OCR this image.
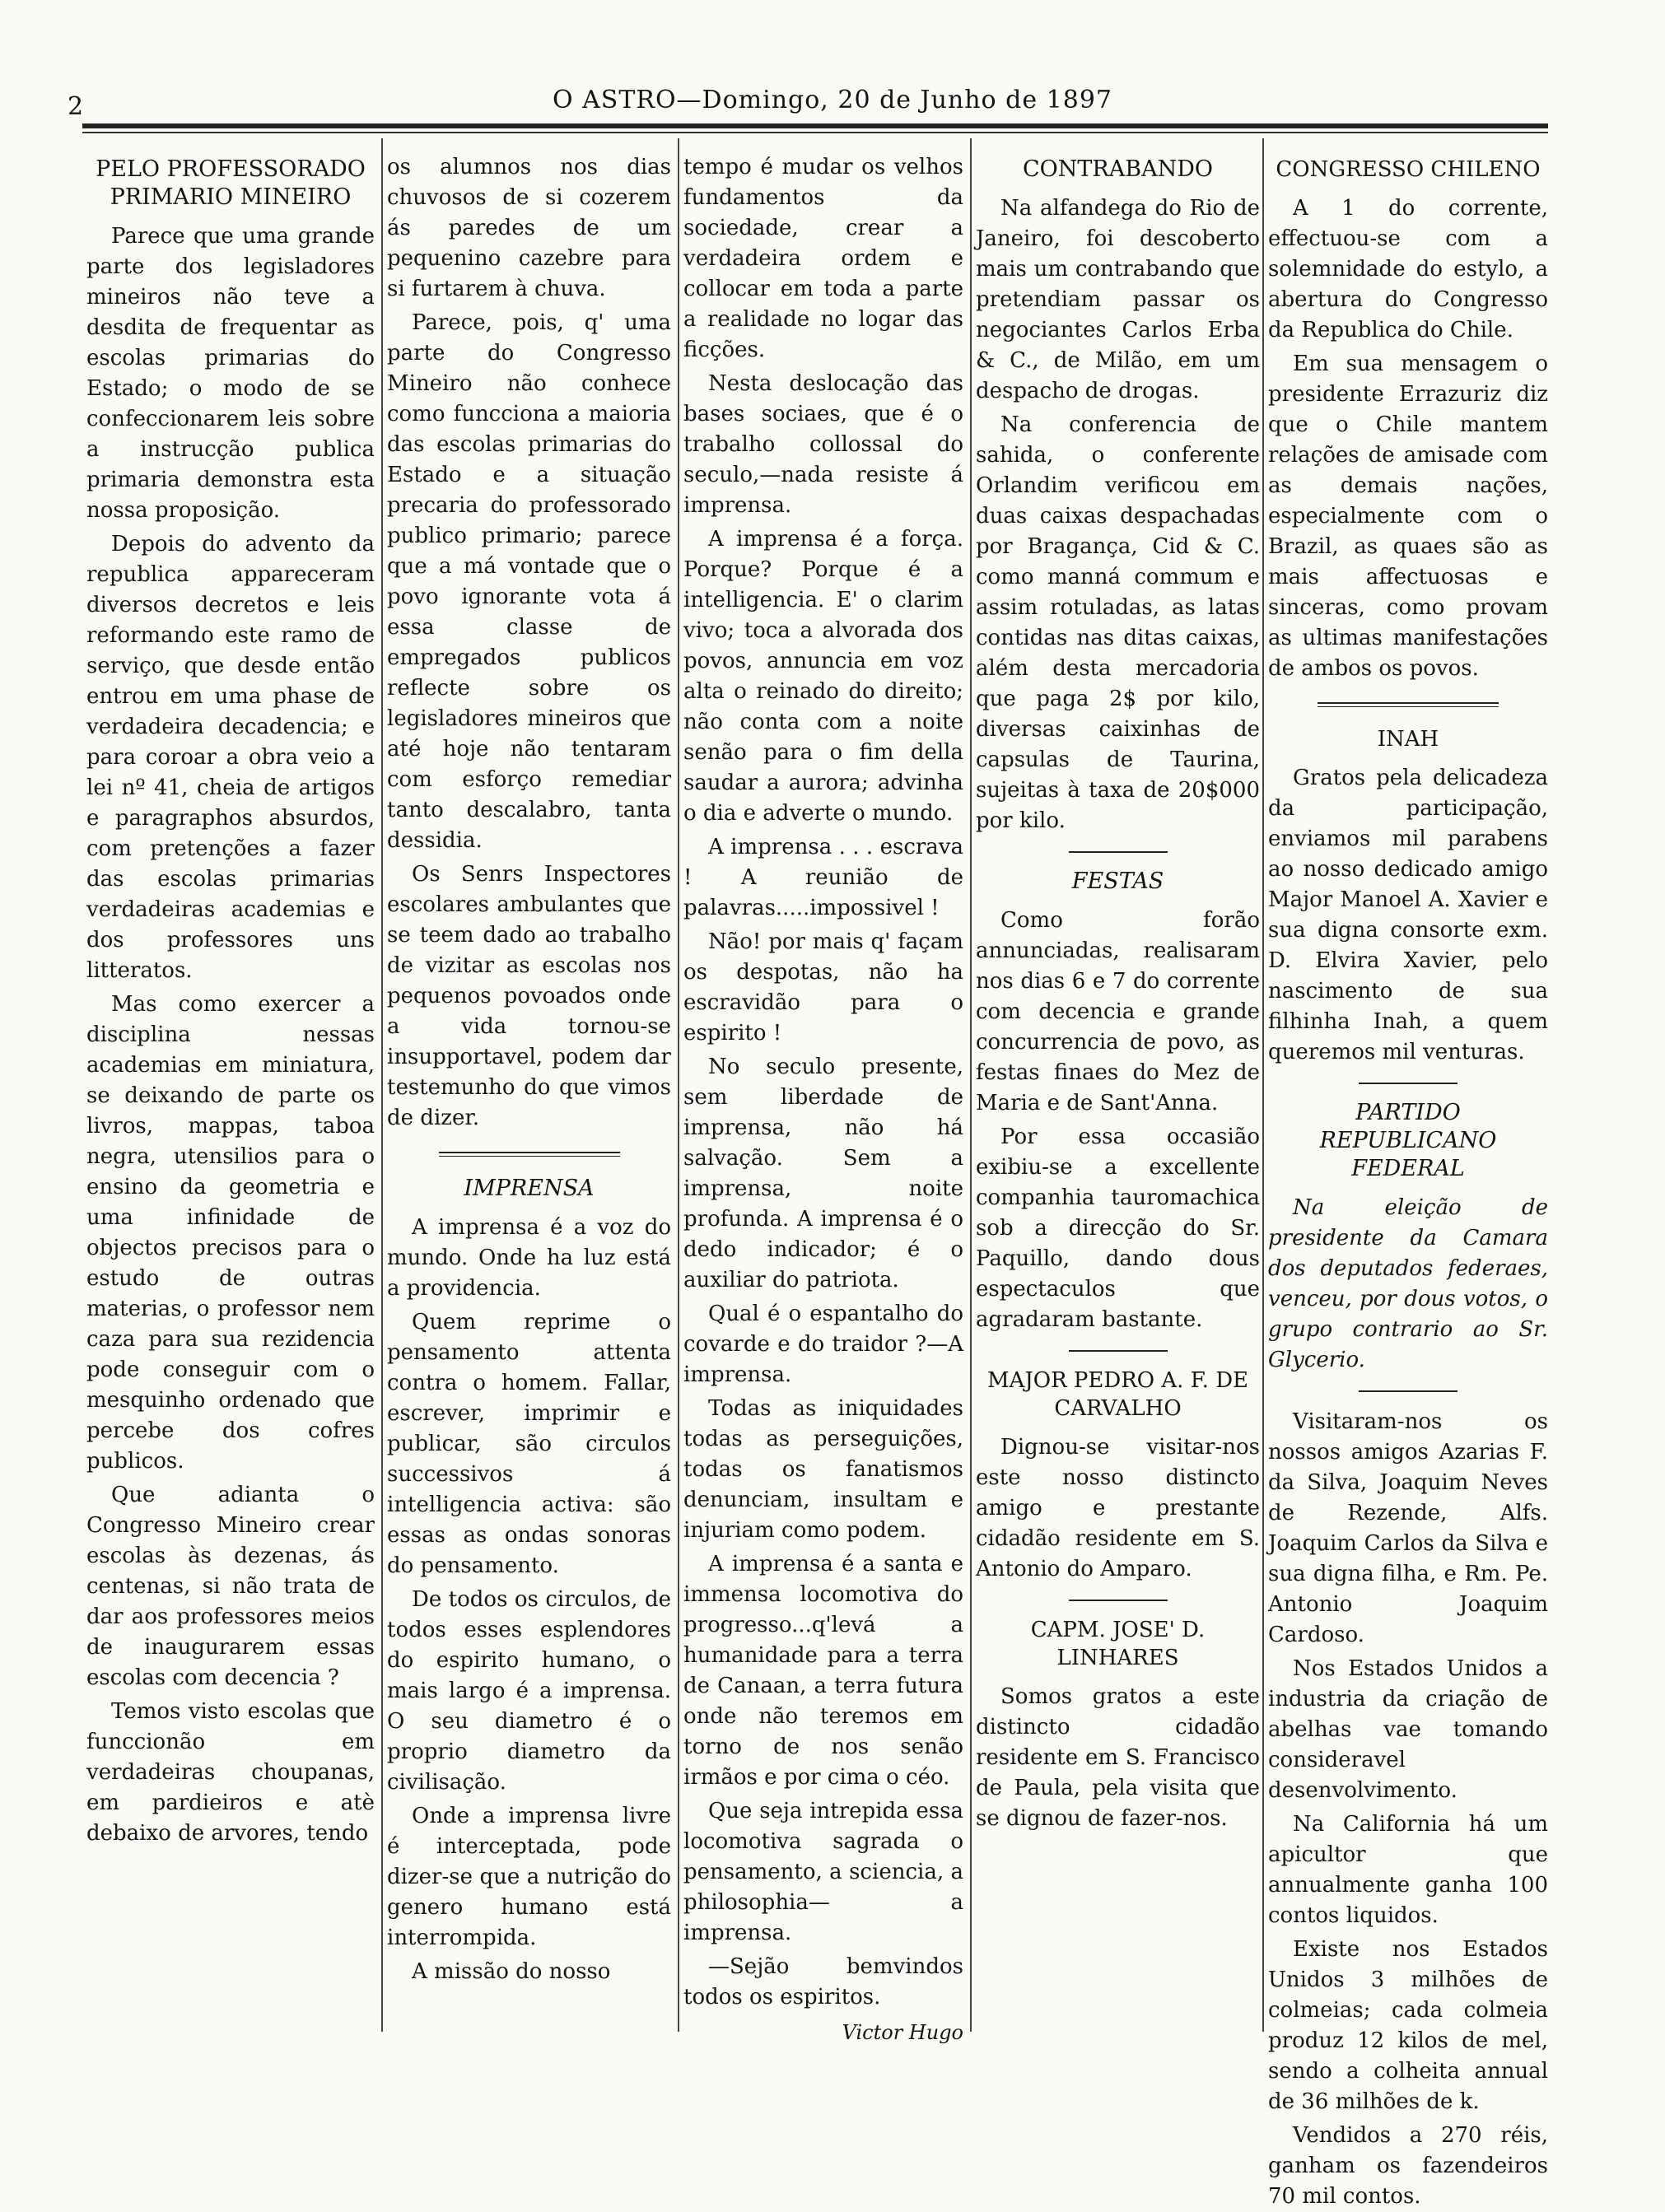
2	O ASTRO—Domingo, 20 de Junho de 1897
PELO PROFESSORADO PRIMARIO MINEIRO

Parece que uma grande parte dos legisladores mineiros não teve a desdita de frequentar as escolas primarias do Estado; o modo de se confeccionarem leis sobre a instrucção publica primaria demonstra esta nossa proposição.

Depois do advento da republica appareceram diversos decretos e leis reformando este ramo de serviço, que desde então entrou em uma phase de verdadeira decadencia; e para coroar a obra veio a lei nº 41, cheia de artigos e paragraphos absurdos, com pretenções a fazer das escolas primarias verdadeiras academias e dos professores uns litteratos.

Mas como exercer a disciplina nessas academias em miniatura, se deixando de parte os livros, mappas, taboa negra, utensilios para o ensino da geometria e uma infinidade de objectos precisos para o estudo de outras materias, o professor nem caza para sua rezidencia pode conseguir com o mesquinho ordenado que percebe dos cofres publicos.

Que adianta o Congresso Mineiro crear escolas às dezenas, ás centenas, si não trata de dar aos professores meios de inaugurarem essas escolas com decencia ?

Temos visto escolas que funccionão em verdadeiras choupanas, em pardieiros e atè debaixo de arvores, tendo

os alumnos nos dias chuvosos de si cozerem ás paredes de um pequenino cazebre para si furtarem à chuva.

Parece, pois, q' uma parte do Congresso Mineiro não conhece como funcciona a maioria das escolas primarias do Estado e a situação precaria do professorado publico primario; parece que a má vontade que o povo ignorante vota á essa classe de empregados publicos reflecte sobre os legisladores mineiros que até hoje não tentaram com esforço remediar tanto descalabro, tanta dessidia.

Os Senrs Inspectores escolares ambulantes que se teem dado ao trabalho de vizitar as escolas nos pequenos povoados onde a vida tornou-se insupportavel, podem dar testemunho do que vimos de dizer.

IMPRENSA

A imprensa é a voz do mundo. Onde ha luz está a providencia.

Quem reprime o pensamento attenta contra o homem. Fallar, escrever, imprimir e publicar, são circulos successivos á intelligencia activa: são essas as ondas sonoras do pensamento.

De todos os circulos, de todos esses esplendores do espirito humano, o mais largo é a imprensa. O seu diametro é o proprio diametro da civilisação.

Onde a imprensa livre é interceptada, pode dizer-se que a nutrição do genero humano está interrompida.

A missão do nosso

tempo é mudar os velhos fundamentos da sociedade, crear a verdadeira ordem e collocar em toda a parte a realidade no logar das ficções.

Nesta deslocação das bases sociaes, que é o trabalho collossal do seculo,—nada resiste á imprensa.

A imprensa é a força. Porque? Porque é a intelligencia. E' o clarim vivo; toca a alvorada dos povos, annuncia em voz alta o reinado do direito; não conta com a noite senão para o fim della saudar a aurora; advinha o dia e adverte o mundo.

A imprensa . . . escrava ! A reunião de palavras.....impossivel !

Não! por mais q' façam os despotas, não ha escravidão para o espirito !

No seculo presente, sem liberdade de imprensa, não há salvação. Sem a imprensa, noite profunda. A imprensa é o dedo indicador; é o auxiliar do patriota.

Qual é o espantalho do covarde e do traidor ?—A imprensa.

Todas as iniquidades todas as perseguições, todas os fanatismos denunciam, insultam e injuriam como podem.

A imprensa é a santa e immensa locomotiva do progresso...q'levá a humanidade para a terra de Canaan, a terra futura onde não teremos em torno de nos senão irmãos e por cima o céo.

Que seja intrepida essa locomotiva sagrada o pensamento, a sciencia, a philosophia— a imprensa.

—Sejão bemvindos todos os espiritos.

Victor Hugo
CONTRABANDO

Na alfandega do Rio de Janeiro, foi descoberto mais um contrabando que pretendiam passar os negociantes Carlos Erba & C., de Milão, em um despacho de drogas.

Na conferencia de sahida, o conferente Orlandim verificou em duas caixas despachadas por Bragança, Cid & C. como manná commum e assim rotuladas, as latas contidas nas ditas caixas, além desta mercadoria que paga 2$ por kilo, diversas caixinhas de capsulas de Taurina, sujeitas à taxa de 20$000 por kilo.

FESTAS

Como forão annunciadas, realisaram nos dias 6 e 7 do corrente com decencia e grande concurrencia de povo, as festas finaes do Mez de Maria e de Sant'Anna.

Por essa occasião exibiu-se a excellente companhia tauromachica sob a direcção do Sr. Paquillo, dando dous espectaculos que agradaram bastante.

MAJOR PEDRO A. F. DE CARVALHO

Dignou-se visitar-nos este nosso distincto amigo e prestante cidadão residente em S. Antonio do Amparo.

CAPM. JOSE' D. LINHARES

Somos gratos a este distincto cidadão residente em S. Francisco de Paula, pela visita que se dignou de fazer-nos.

CONGRESSO CHILENO

A 1 do corrente, effectuou-se com a solemnidade do estylo, a abertura do Congresso da Republica do Chile.

Em sua mensagem o presidente Errazuriz diz que o Chile mantem relações de amisade com as demais nações, especialmente com o Brazil, as quaes são as mais affectuosas e sinceras, como provam as ultimas manifestações de ambos os povos.

INAH

Gratos pela delicadeza da participação, enviamos mil parabens ao nosso dedicado amigo Major Manoel A. Xavier e sua digna consorte exm. D. Elvira Xavier, pelo nascimento de sua filhinha Inah, a quem queremos mil venturas.

PARTIDO REPUBLICANO FEDERAL

Na eleição de presidente da Camara dos deputados federaes, venceu, por dous votos, o grupo contrario ao Sr. Glycerio.

Visitaram-nos os nossos amigos Azarias F. da Silva, Joaquim Neves de Rezende, Alfs. Joaquim Carlos da Silva e sua digna filha, e Rm. Pe. Antonio Joaquim Cardoso.

Nos Estados Unidos a industria da criação de abelhas vae tomando consideravel desenvolvimento.

Na California há um apicultor que annualmente ganha 100 contos liquidos.

Existe nos Estados Unidos 3 milhões de colmeias; cada colmeia produz 12 kilos de mel, sendo a colheita annual de 36 milhões de k.

Vendidos a 270 réis, ganham os fazendeiros 70 mil contos.
